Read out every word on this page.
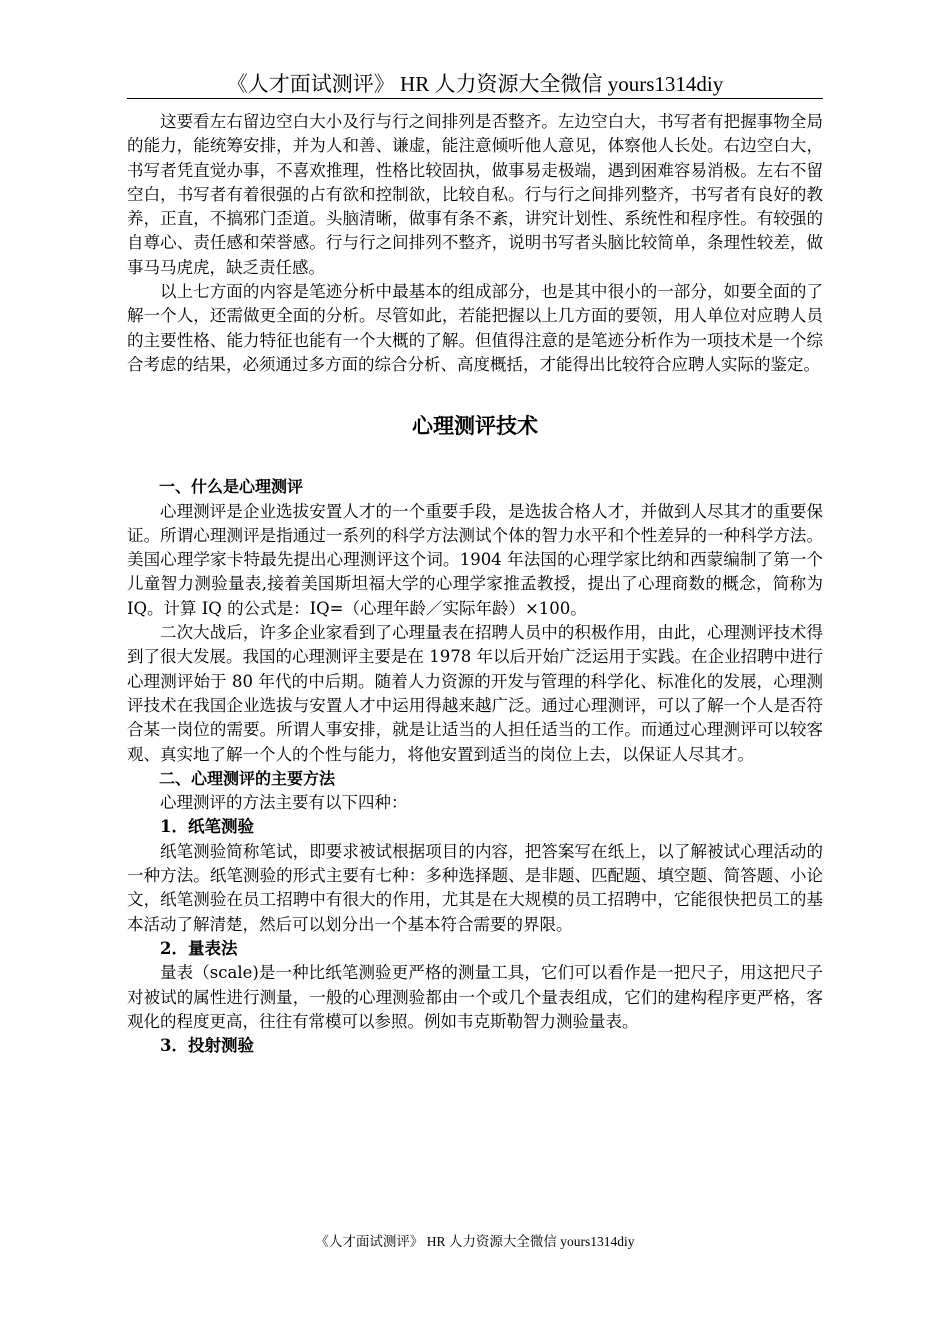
《人才面试测评》 HR 人力资源大全微信 yours1314diy

这要看左右留边空白大小及行与行之间排列是否整齐。左边空白大，书写者有把握事物全局的能力，能统筹安排，并为人和善、谦虚，能注意倾听他人意见，体察他人长处。右边空白大，书写者凭直觉办事，不喜欢推理，性格比较固执，做事易走极端，遇到困难容易消极。左右不留空白，书写者有着很强的占有欲和控制欲，比较自私。行与行之间排列整齐，书写者有良好的教养，正直，不搞邪门歪道。头脑清晰，做事有条不紊，讲究计划性、系统性和程序性。有较强的自尊心、责任感和荣誉感。行与行之间排列不整齐，说明书写者头脑比较简单，条理性较差，做事马马虎虎，缺乏责任感。

以上七方面的内容是笔迹分析中最基本的组成部分，也是其中很小的一部分，如要全面的了解一个人，还需做更全面的分析。尽管如此，若能把握以上几方面的要领，用人单位对应聘人员的主要性格、能力特征也能有一个大概的了解。但值得注意的是笔迹分析作为一项技术是一个综合考虑的结果，必须通过多方面的综合分析、高度概括，才能得出比较符合应聘人实际的鉴定。

心理测评技术
一、什么是心理测评

心理测评是企业选拔安置人才的一个重要手段，是选拔合格人才，并做到人尽其才的重要保证。所谓心理测评是指通过一系列的科学方法测试个体的智力水平和个性差异的一种科学方法。美国心理学家卡特最先提出心理测评这个词。1904 年法国的心理学家比纳和西蒙编制了第一个儿童智力测验量表,接着美国斯坦福大学的心理学家推孟教授，提出了心理商数的概念，简称为 IQ。计算 IQ 的公式是：IQ=（心理年龄／实际年龄）×100。

二次大战后，许多企业家看到了心理量表在招聘人员中的积极作用，由此，心理测评技术得到了很大发展。我国的心理测评主要是在 1978 年以后开始广泛运用于实践。在企业招聘中进行心理测评始于 80 年代的中后期。随着人力资源的开发与管理的科学化、标准化的发展，心理测评技术在我国企业选拔与安置人才中运用得越来越广泛。通过心理测评，可以了解一个人是否符合某一岗位的需要。所谓人事安排，就是让适当的人担任适当的工作。而通过心理测评可以较客观、真实地了解一个人的个性与能力，将他安置到适当的岗位上去，以保证人尽其才。

二、心理测评的主要方法

心理测评的方法主要有以下四种：

1．纸笔测验

纸笔测验简称笔试，即要求被试根据项目的内容，把答案写在纸上，以了解被试心理活动的一种方法。纸笔测验的形式主要有七种：多种选择题、是非题、匹配题、填空题、简答题、小论文，纸笔测验在员工招聘中有很大的作用，尤其是在大规模的员工招聘中，它能很快把员工的基本活动了解清楚，然后可以划分出一个基本符合需要的界限。

2．量表法

量表（scale)是一种比纸笔测验更严格的测量工具，它们可以看作是一把尺子，用这把尺子对被试的属性进行测量，一般的心理测验都由一个或几个量表组成，它们的建构程序更严格，客观化的程度更高，往往有常模可以参照。例如韦克斯勒智力测验量表。

3．投射测验
《人才面试测评》 HR 人力资源大全微信 yours1314diy
